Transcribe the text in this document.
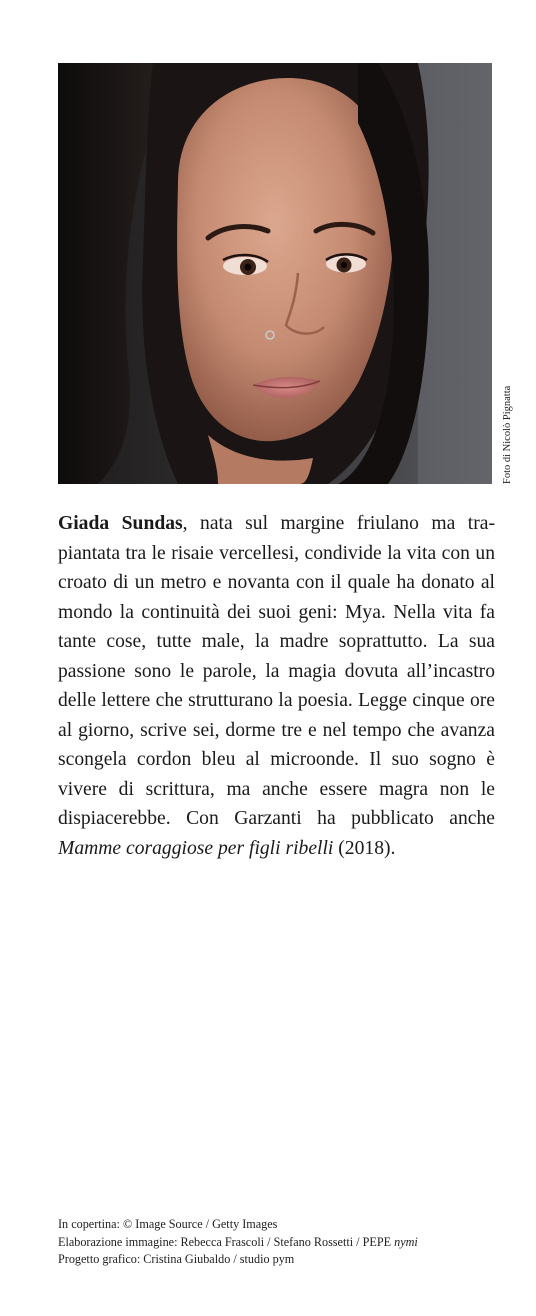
Foto di Nicolò Pignatta
Giada Sundas, nata sul margine friulano ma trapiantata tra le risaie vercellesi, condivide la vita con un croato di un metro e novanta con il quale ha donato al mondo la continuità dei suoi geni: Mya. Nella vita fa tante cose, tutte male, la madre soprattutto. La sua passione sono le parole, la magia dovuta all’incastro delle lettere che strutturano la poesia. Legge cinque ore al giorno, scrive sei, dorme tre e nel tempo che avanza scongela cordon bleu al microonde. Il suo sogno è vivere di scrittura, ma anche essere magra non le dispiacerebbe. Con Garzanti ha pubblicato anche Mamme coraggiose per figli ribelli (2018).
In copertina: © Image Source / Getty Images
Elaborazione immagine: Rebecca Frascoli / Stefano Rossetti / PEPE nymi
Progetto grafico: Cristina Giubaldo / studio pym
